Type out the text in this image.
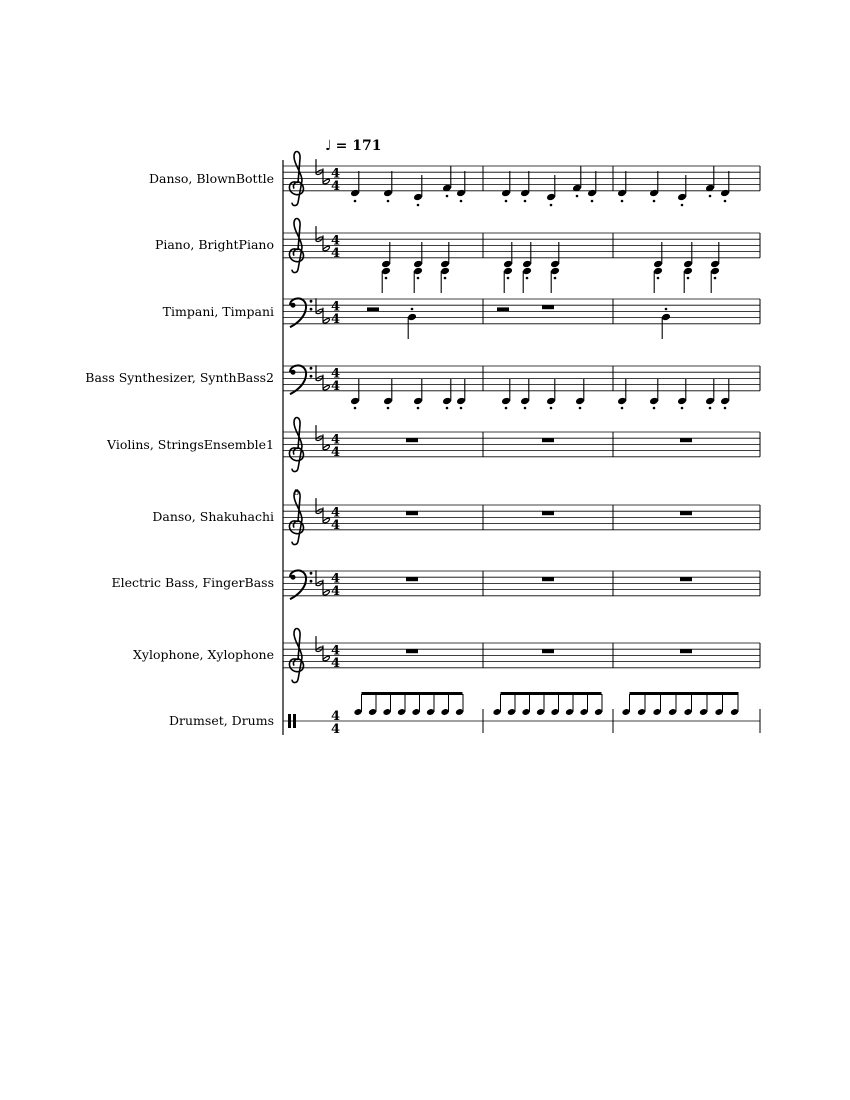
♩ = 171
Danso, BlownBottle
Piano, BrightPiano
Timpani, Timpani
Bass Synthesizer, SynthBass2
Violins, StringsEnsemble1
Danso, Shakuhachi
Electric Bass, FingerBass
Xylophone, Xylophone
Drumset, Drums
4
4
4
4
4
4
4
4
4
4
8
4
4
4
4
4
4
4
4
